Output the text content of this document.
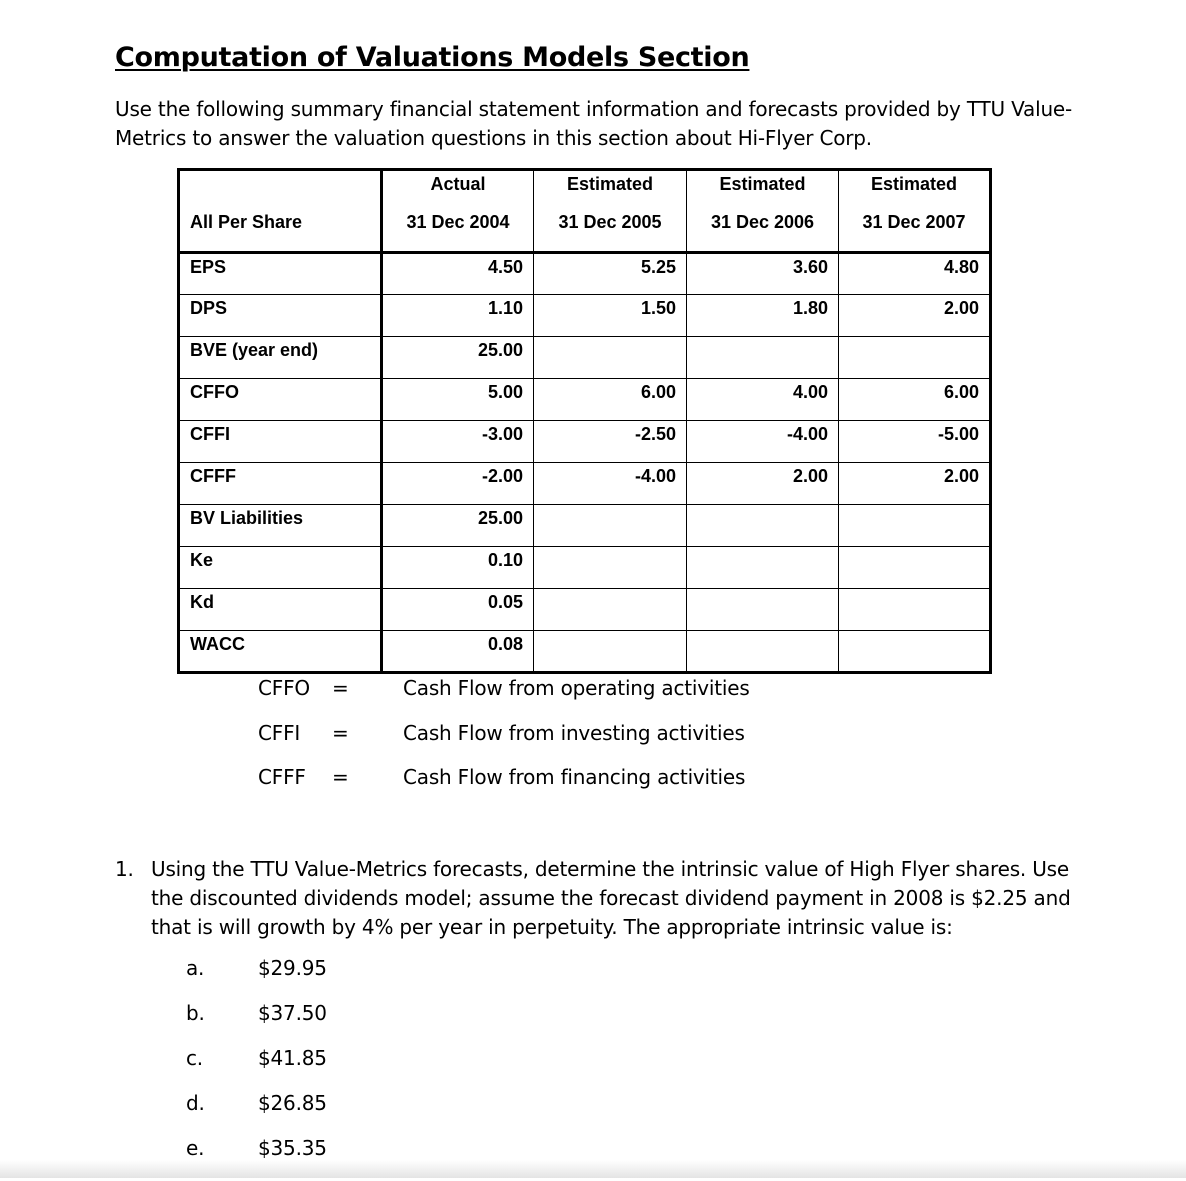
Computation of Valuations Models Section
Use the following summary financial statement information and forecasts provided by TTU Value-Metrics to answer the valuation questions in this section about Hi-Flyer Corp.
	Actual	Estimated	Estimated	Estimated
All Per Share	31 Dec 2004	31 Dec 2005	31 Dec 2006	31 Dec 2007
EPS	4.50	5.25	3.60	4.80
DPS	1.10	1.50	1.80	2.00
BVE (year end)	25.00			
CFFO	5.00	6.00	4.00	6.00
CFFI	-3.00	-2.50	-4.00	-5.00
CFFF	-2.00	-4.00	2.00	2.00
BV Liabilities	25.00			
Ke	0.10			
Kd	0.05			
WACC	0.08			
CFFO =	Cash Flow from operating activities
CFFI =	Cash Flow from investing activities
CFFF =	Cash Flow from financing activities
1. Using the TTU Value-Metrics forecasts, determine the intrinsic value of High Flyer shares. Use the discounted dividends model; assume the forecast dividend payment in 2008 is $2.25 and that is will growth by 4% per year in perpetuity. The appropriate intrinsic value is:
a.	$29.95
b.	$37.50
c.	$41.85
d.	$26.85
e.	$35.35
